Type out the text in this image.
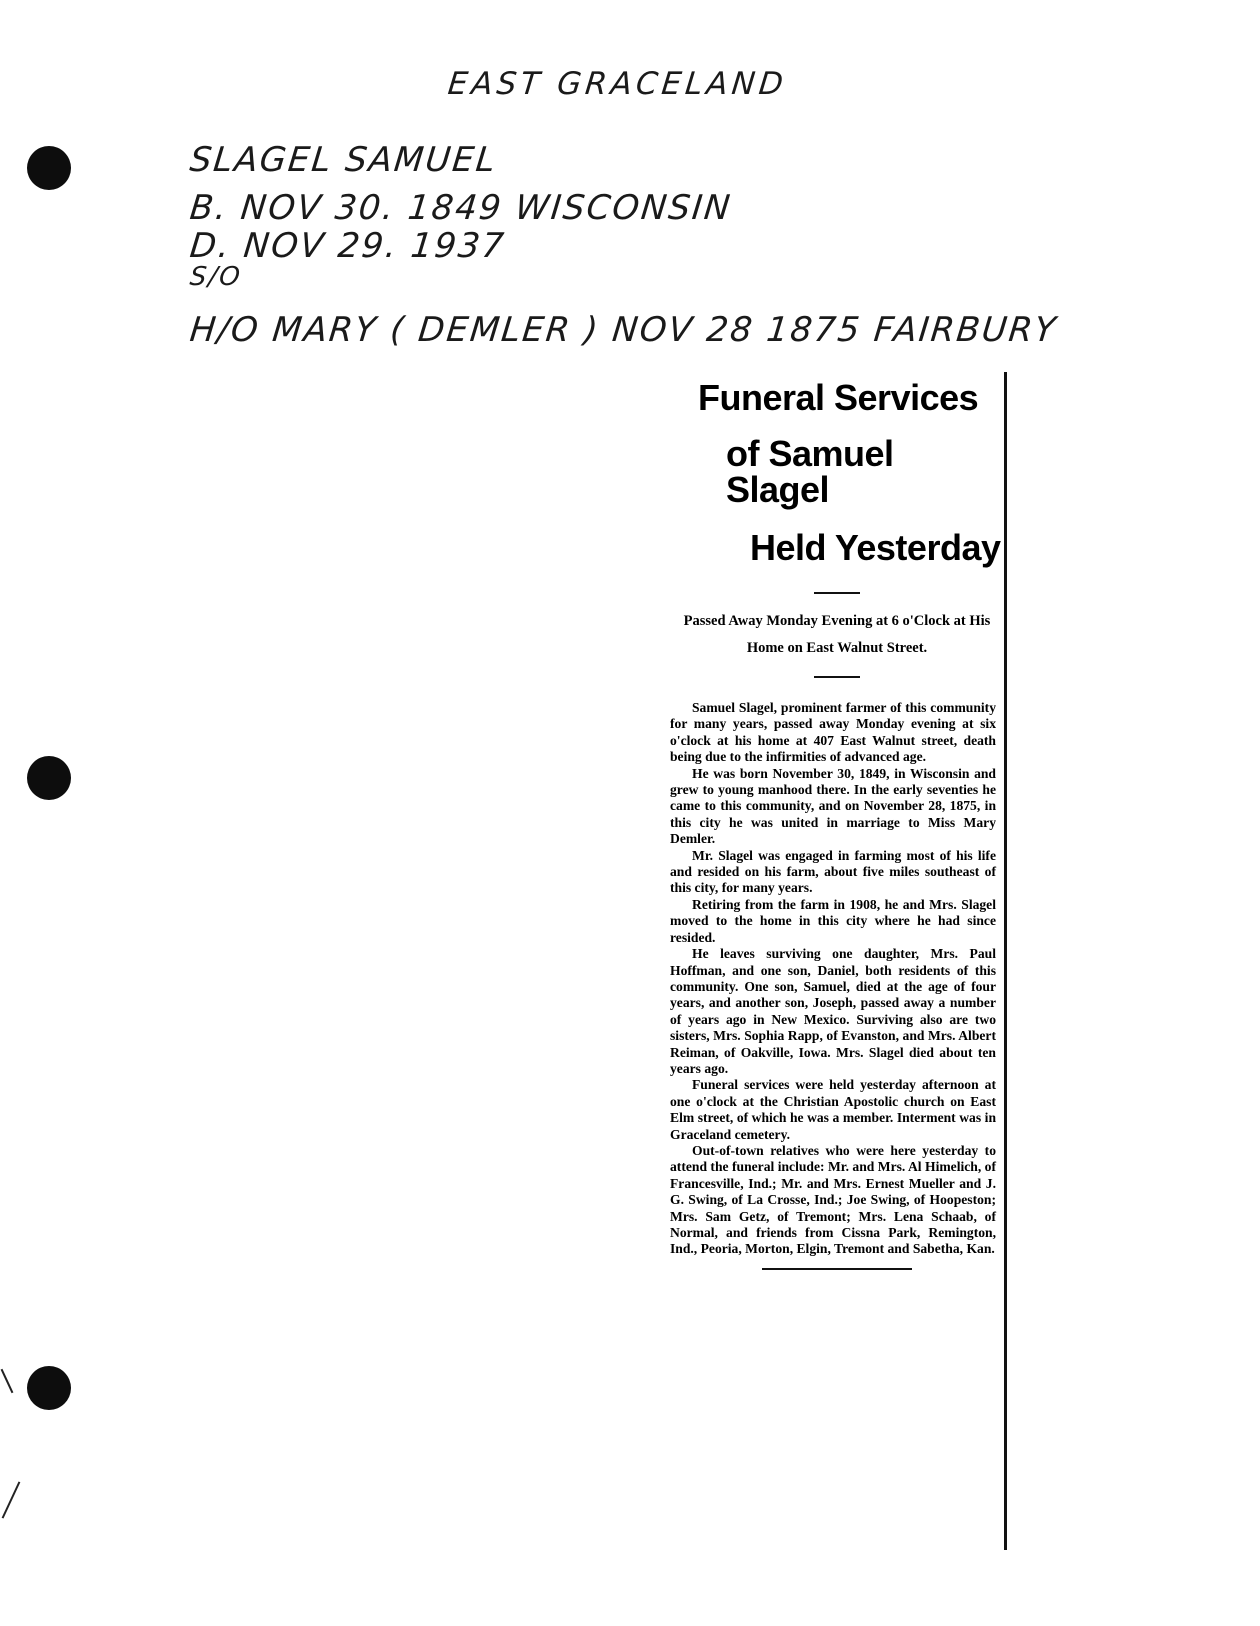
EAST GRACELAND

SLAGEL SAMUEL

B. NOV 30. 1849 WISCONSIN

D. NOV 29. 1937

S/O

H/O MARY ( DEMLER ) NOV 28 1875 FAIRBURY

Funeral Services
of Samuel Slagel
Held Yesterday

Passed Away Monday Evening at 6 o'Clock at His Home on East Walnut Street.

Samuel Slagel, prominent farmer of this community for many years, passed away Monday evening at six o'clock at his home at 407 East Walnut street, death being due to the infirmities of advanced age.

He was born November 30, 1849, in Wisconsin and grew to young manhood there. In the early seventies he came to this community, and on November 28, 1875, in this city he was united in marriage to Miss Mary Demler.

Mr. Slagel was engaged in farming most of his life and resided on his farm, about five miles southeast of this city, for many years.

Retiring from the farm in 1908, he and Mrs. Slagel moved to the home in this city where he had since resided.

He leaves surviving one daughter, Mrs. Paul Hoffman, and one son, Daniel, both residents of this community. One son, Samuel, died at the age of four years, and another son, Joseph, passed away a number of years ago in New Mexico. Surviving also are two sisters, Mrs. Sophia Rapp, of Evanston, and Mrs. Albert Reiman, of Oakville, Iowa. Mrs. Slagel died about ten years ago.

Funeral services were held yesterday afternoon at one o'clock at the Christian Apostolic church on East Elm street, of which he was a member. Interment was in Graceland cemetery.

Out-of-town relatives who were here yesterday to attend the funeral include: Mr. and Mrs. Al Himelich, of Francesville, Ind.; Mr. and Mrs. Ernest Mueller and J. G. Swing, of La Crosse, Ind.; Joe Swing, of Hoopeston; Mrs. Sam Getz, of Tremont; Mrs. Lena Schaab, of Normal, and friends from Cissna Park, Remington, Ind., Peoria, Morton, Elgin, Tremont and Sabetha, Kan.
